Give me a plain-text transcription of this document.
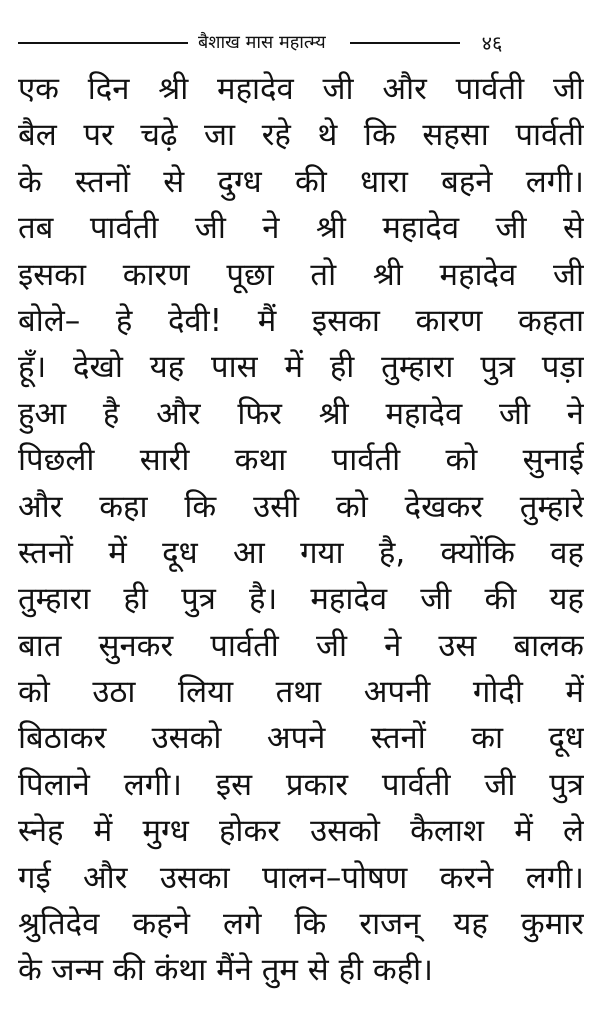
बैशाख मास महात्म्य	४६
एक दिन श्री महादेव जी और पार्वती जी
बैल पर चढ़े जा रहे थे कि सहसा पार्वती
के स्तनों से दुग्ध की धारा बहने लगी।
तब पार्वती जी ने श्री महादेव जी से
इसका कारण पूछा तो श्री महादेव जी
बोले– हे देवी! मैं इसका कारण कहता
हूँ। देखो यह पास में ही तुम्हारा पुत्र पड़ा
हुआ है और फिर श्री महादेव जी ने
पिछली सारी कथा पार्वती को सुनाई
और कहा कि उसी को देखकर तुम्हारे
स्तनों में दूध आ गया है, क्योंकि वह
तुम्हारा ही पुत्र है। महादेव जी की यह
बात सुनकर पार्वती जी ने उस बालक
को उठा लिया तथा अपनी गोदी में
बिठाकर उसको अपने स्तनों का दूध
पिलाने लगी। इस प्रकार पार्वती जी पुत्र
स्नेह में मुग्ध होकर उसको कैलाश में ले
गई और उसका पालन–पोषण करने लगी।
श्रुतिदेव कहने लगे कि राजन् यह कुमार
के जन्म की कंथा मैंने तुम से ही कही।
